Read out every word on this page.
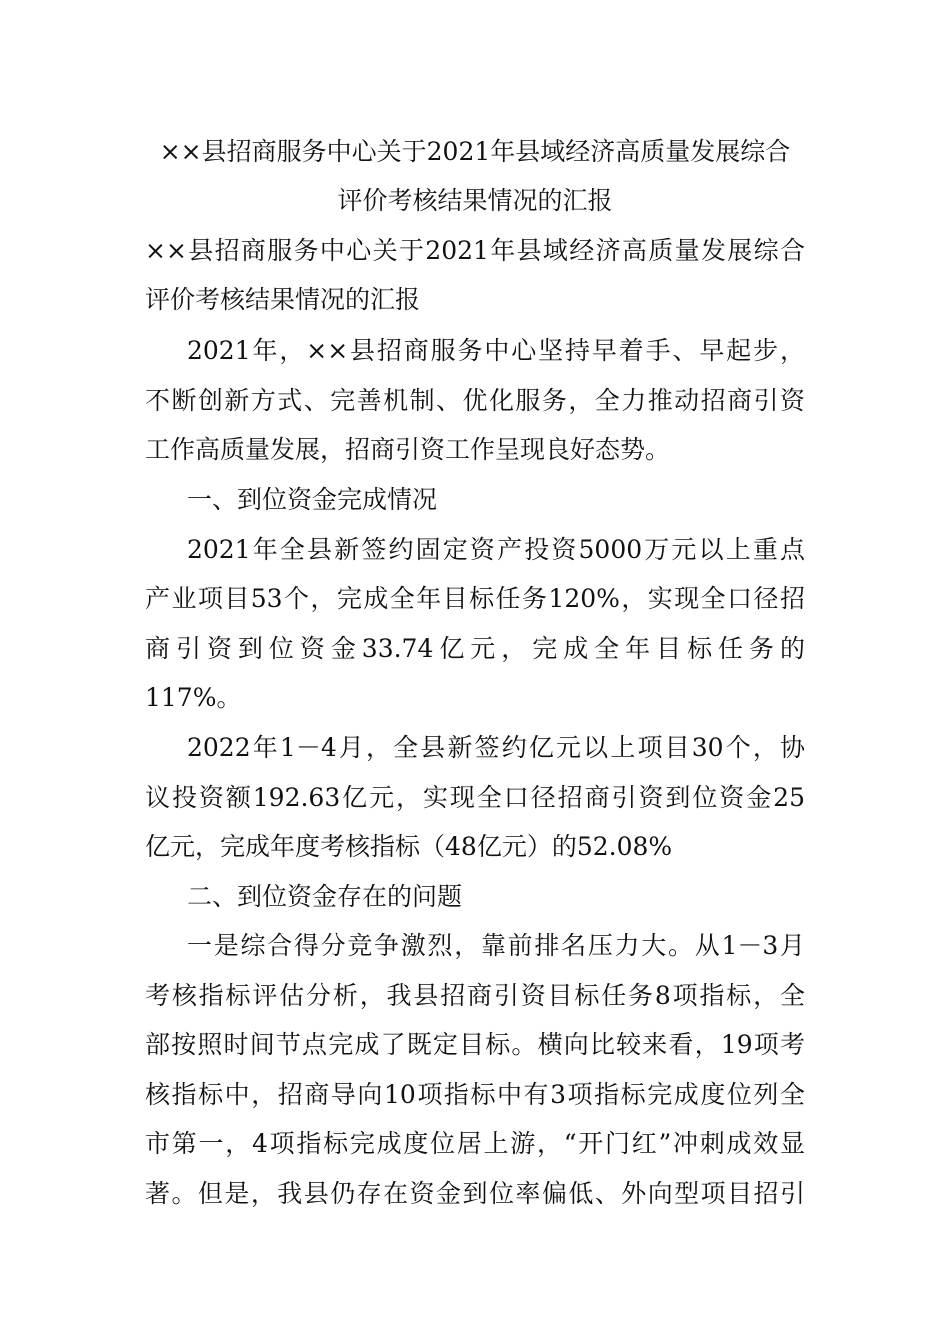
××县招商服务中心关于2021年县域经济高质量发展综合
评价考核结果情况的汇报
××县招商服务中心关于2021年县域经济高质量发展综合
评价考核结果情况的汇报
2021年，××县招商服务中心坚持早着手、早起步，
不断创新方式、完善机制、优化服务，全力推动招商引资
工作高质量发展，招商引资工作呈现良好态势。
一、到位资金完成情况
2021年全县新签约固定资产投资5000万元以上重点
产业项目53个，完成全年目标任务120%，实现全口径招
商引资到位资金33.74亿元，完成全年目标任务的
117%。
2022年1－4月，全县新签约亿元以上项目30个，协
议投资额192.63亿元，实现全口径招商引资到位资金25
亿元，完成年度考核指标（48亿元）的52.08%
二、到位资金存在的问题
一是综合得分竞争激烈，靠前排名压力大。从1－3月
考核指标评估分析，我县招商引资目标任务8项指标，全
部按照时间节点完成了既定目标。横向比较来看，19项考
核指标中，招商导向10项指标中有3项指标完成度位列全
市第一，4项指标完成度位居上游，“开门红”冲刺成效显
著。但是，我县仍存在资金到位率偏低、外向型项目招引
